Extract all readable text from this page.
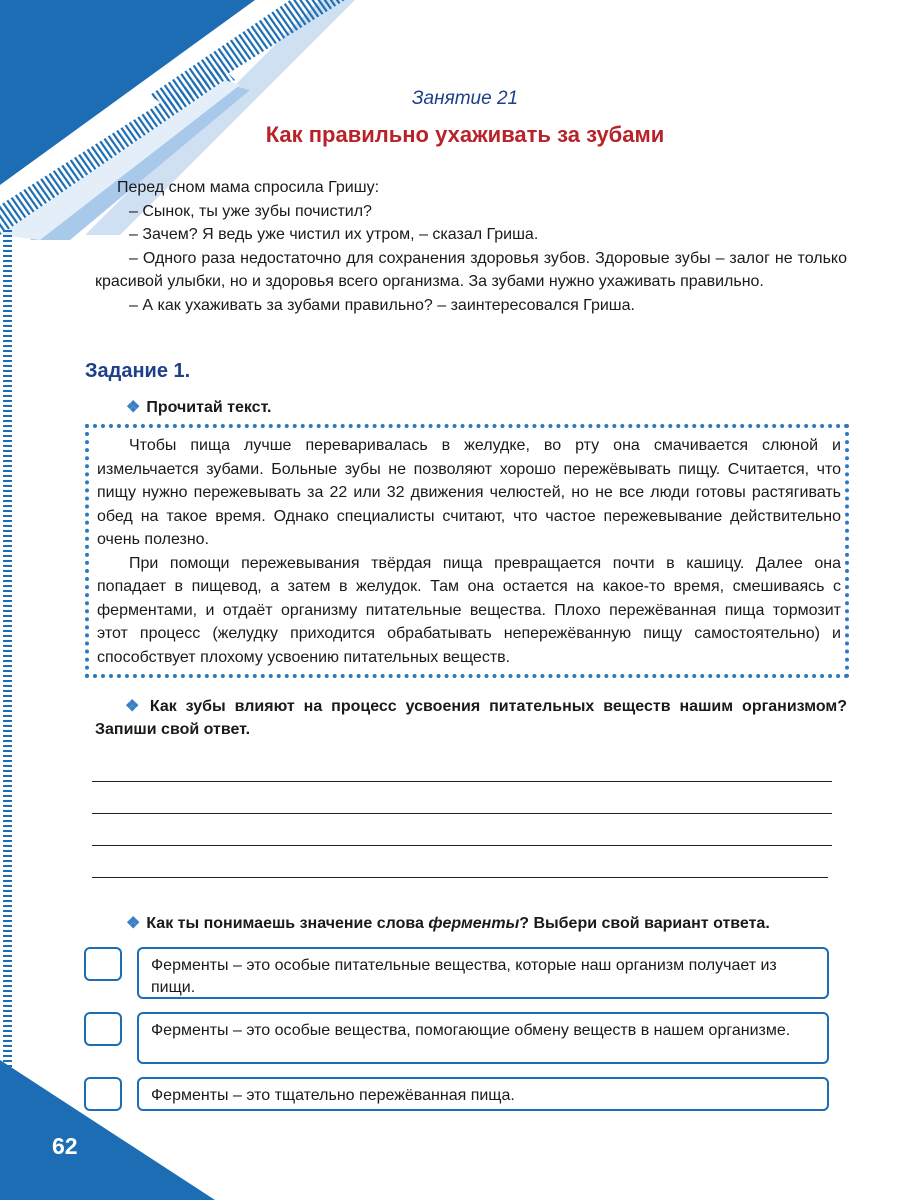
62
Занятие 21
Как правильно ухаживать за зубами

Перед сном мама спросила Гришу:

– Сынок, ты уже зубы почистил?

– Зачем? Я ведь уже чистил их утром, – сказал Гриша.

– Одного раза недостаточно для сохранения здоровья зубов. Здоровые зубы – залог не только красивой улыбки, но и здоровья всего организма. За зубами нужно ухаживать правильно.

– А как ухаживать за зубами правильно? – заинтересовался Гриша.

Задание 1.
❖ Прочитай текст.

Чтобы пища лучше переваривалась в желудке, во рту она смачивается слюной и измельчается зубами. Больные зубы не позволяют хорошо пережёвывать пищу. Считается, что пищу нужно пережевывать за 22 или 32 движения челюстей, но не все люди готовы растягивать обед на такое время. Однако специалисты считают, что частое пережевывание действительно очень полезно.

При помощи пережевывания твёрдая пища превращается почти в кашицу. Далее она попадает в пищевод, а затем в желудок. Там она остается на какое-то время, смешиваясь с ферментами, и отдаёт организму питательные вещества. Плохо пережёванная пища тормозит этот процесс (желудку приходится обрабатывать непережёванную пищу самостоятельно) и способствует плохому усвоению питательных веществ.

❖ Как зубы влияют на процесс усвоения питательных веществ нашим организмом? Запиши свой ответ.
❖ Как ты понимаешь значение слова ферменты? Выбери свой вариант ответа.
Ферменты – это особые питательные вещества, которые наш организм получает из пищи.
Ферменты – это особые вещества, помогающие обмену веществ в нашем организме.
Ферменты – это тщательно пережёванная пища.
